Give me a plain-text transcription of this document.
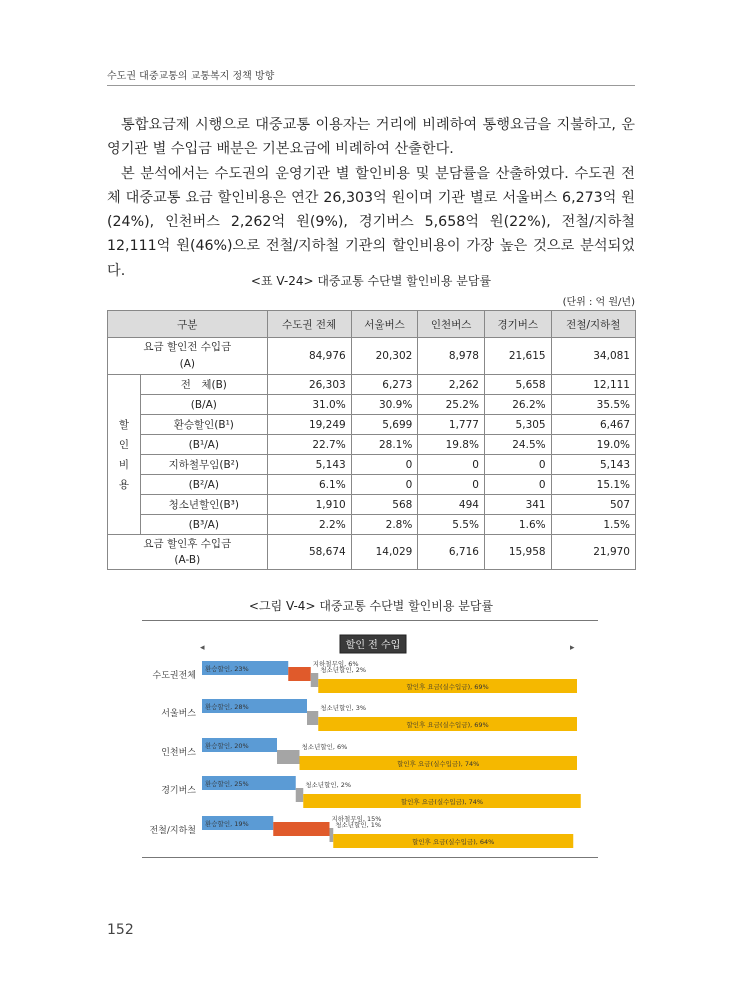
수도권 대중교통의 교통복지 정책 방향

통합요금제 시행으로 대중교통 이용자는 거리에 비례하여 통행요금을 지불하고, 운영기관 별 수입금 배분은 기본요금에 비례하여 산출한다.

본 분석에서는 수도권의 운영기관 별 할인비용 및 분담률을 산출하였다. 수도권 전체 대중교통 요금 할인비용은 연간 26,303억 원이며 기관 별로 서울버스 6,273억 원(24%), 인천버스 2,262억 원(9%), 경기버스 5,658억 원(22%), 전철/지하철 12,111억 원(46%)으로 전철/지하철 기관의 할인비용이 가장 높은 것으로 분석되었다.

<표 V-24> 대중교통 수단별 할인비용 분담률
(단위 : 억 원/년)
구분		수도권 전체	서울버스	인천버스	경기버스	전철/지하철
요금 할인전 수입금
(A)		84,976	20,302	8,978	21,615	34,081
할
인
비
용	전　체(B)	26,303	6,273	2,262	5,658	12,111
	(B/A)	31.0%	30.9%	25.2%	26.2%	35.5%
	환승할인(B¹)	19,249	5,699	1,777	5,305	6,467
	(B¹/A)	22.7%	28.1%	19.8%	24.5%	19.0%
	지하철무임(B²)	5,143	0	0	0	5,143
	(B²/A)	6.1%	0	0	0	15.1%
	청소년할인(B³)	1,910	568	494	341	507
	(B³/A)	2.2%	2.8%	5.5%	1.6%	1.5%
요금 할인후 수입금
(A-B)		58,674	14,029	6,716	15,958	21,970
<그림 V-4> 대중교통 수단별 할인비용 분담률
◂	▸
할인 전 수입
수도권전체
환승할인, 23%
지하철무임, 6%
청소년할인, 2%
할인후 요금(실수입금), 69%
서울버스
환승할인, 28%	청소년할인, 3%
할인후 요금(실수입금), 69%
인천버스
환승할인, 20%	청소년할인, 6%
할인후 요금(실수입금), 74%
경기버스
환승할인, 25%	청소년할인, 2%
할인후 요금(실수입금), 74%
전철/지하철
환승할인, 19%
지하철무임, 15%
청소년할인, 1%
할인후 요금(실수입금), 64%
152
